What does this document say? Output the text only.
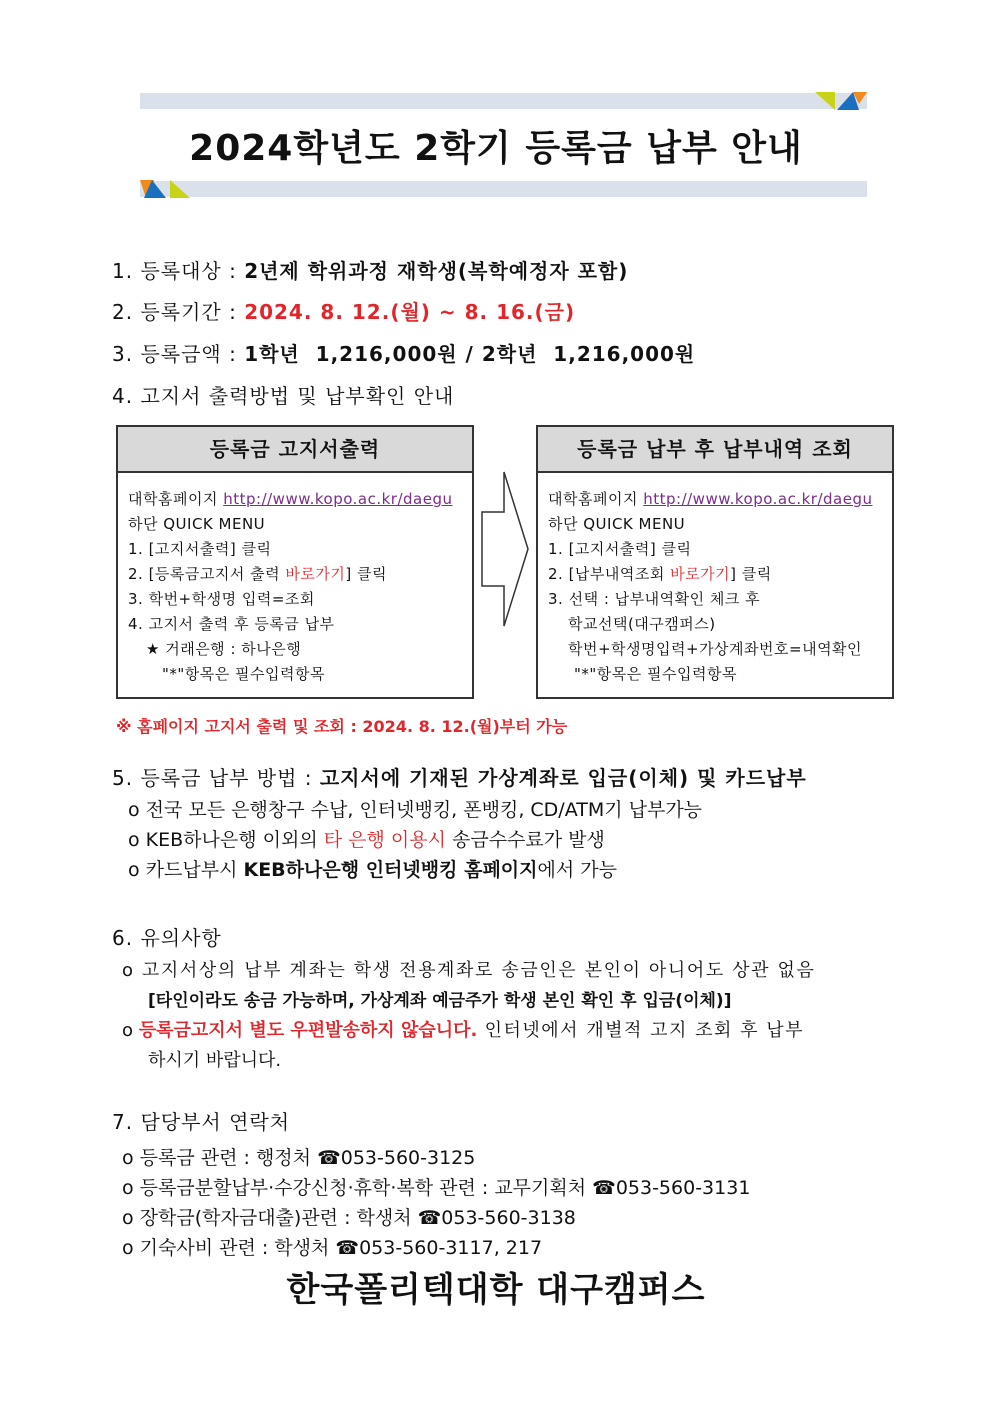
2024학년도 2학기 등록금 납부 안내
1. 등록대상 : 2년제 학위과정 재학생(복학예정자 포함)
2. 등록기간 : 2024. 8. 12.(월) ~ 8. 16.(금)
3. 등록금액 : 1학년  1,216,000원 / 2학년  1,216,000원
4. 고지서 출력방법 및 납부확인 안내
등록금 고지서출력
대학홈페이지 http://www.kopo.ac.kr/daegu
하단 QUICK MENU
1. [고지서출력] 클릭
2. [등록금고지서 출력 바로가기] 클릭
3. 학번+학생명 입력=조회
4. 고지서 출력 후 등록금 납부
★ 거래은행 : 하나은행
"*"항목은 필수입력항목
등록금 납부 후 납부내역 조회
대학홈페이지 http://www.kopo.ac.kr/daegu
하단 QUICK MENU
1. [고지서출력] 클릭
2. [납부내역조회 바로가기] 클릭
3. 선택 : 납부내역확인 체크 후
학교선택(대구캠퍼스)
학번+학생명입력+가상계좌번호=내역확인
"*"항목은 필수입력항목
※ 홈페이지 고지서 출력 및 조회 : 2024. 8. 12.(월)부터 가능
5. 등록금 납부 방법 : 고지서에 기재된 가상계좌로 입금(이체) 및 카드납부
o 전국 모든 은행창구 수납, 인터넷뱅킹, 폰뱅킹, CD/ATM기 납부가능
o KEB하나은행 이외의 타 은행 이용시 송금수수료가 발생
o 카드납부시 KEB하나은행 인터넷뱅킹 홈페이지에서 가능
6. 유의사항
o 고지서상의 납부 계좌는 학생 전용계좌로 송금인은 본인이 아니어도 상관 없음
[타인이라도 송금 가능하며, 가상계좌 예금주가 학생 본인 확인 후 입금(이체)]
o 등록금고지서 별도 우편발송하지 않습니다. 인터넷에서 개별적 고지 조회 후 납부
하시기 바랍니다.
7. 담당부서 연락처
o 등록금 관련 : 행정처 ☎053-560-3125
o 등록금분할납부·수강신청·휴학·복학 관련 : 교무기획처 ☎053-560-3131
o 장학금(학자금대출)관련 : 학생처 ☎053-560-3138
o 기숙사비 관련 : 학생처 ☎053-560-3117, 217
한국폴리텍대학 대구캠퍼스
